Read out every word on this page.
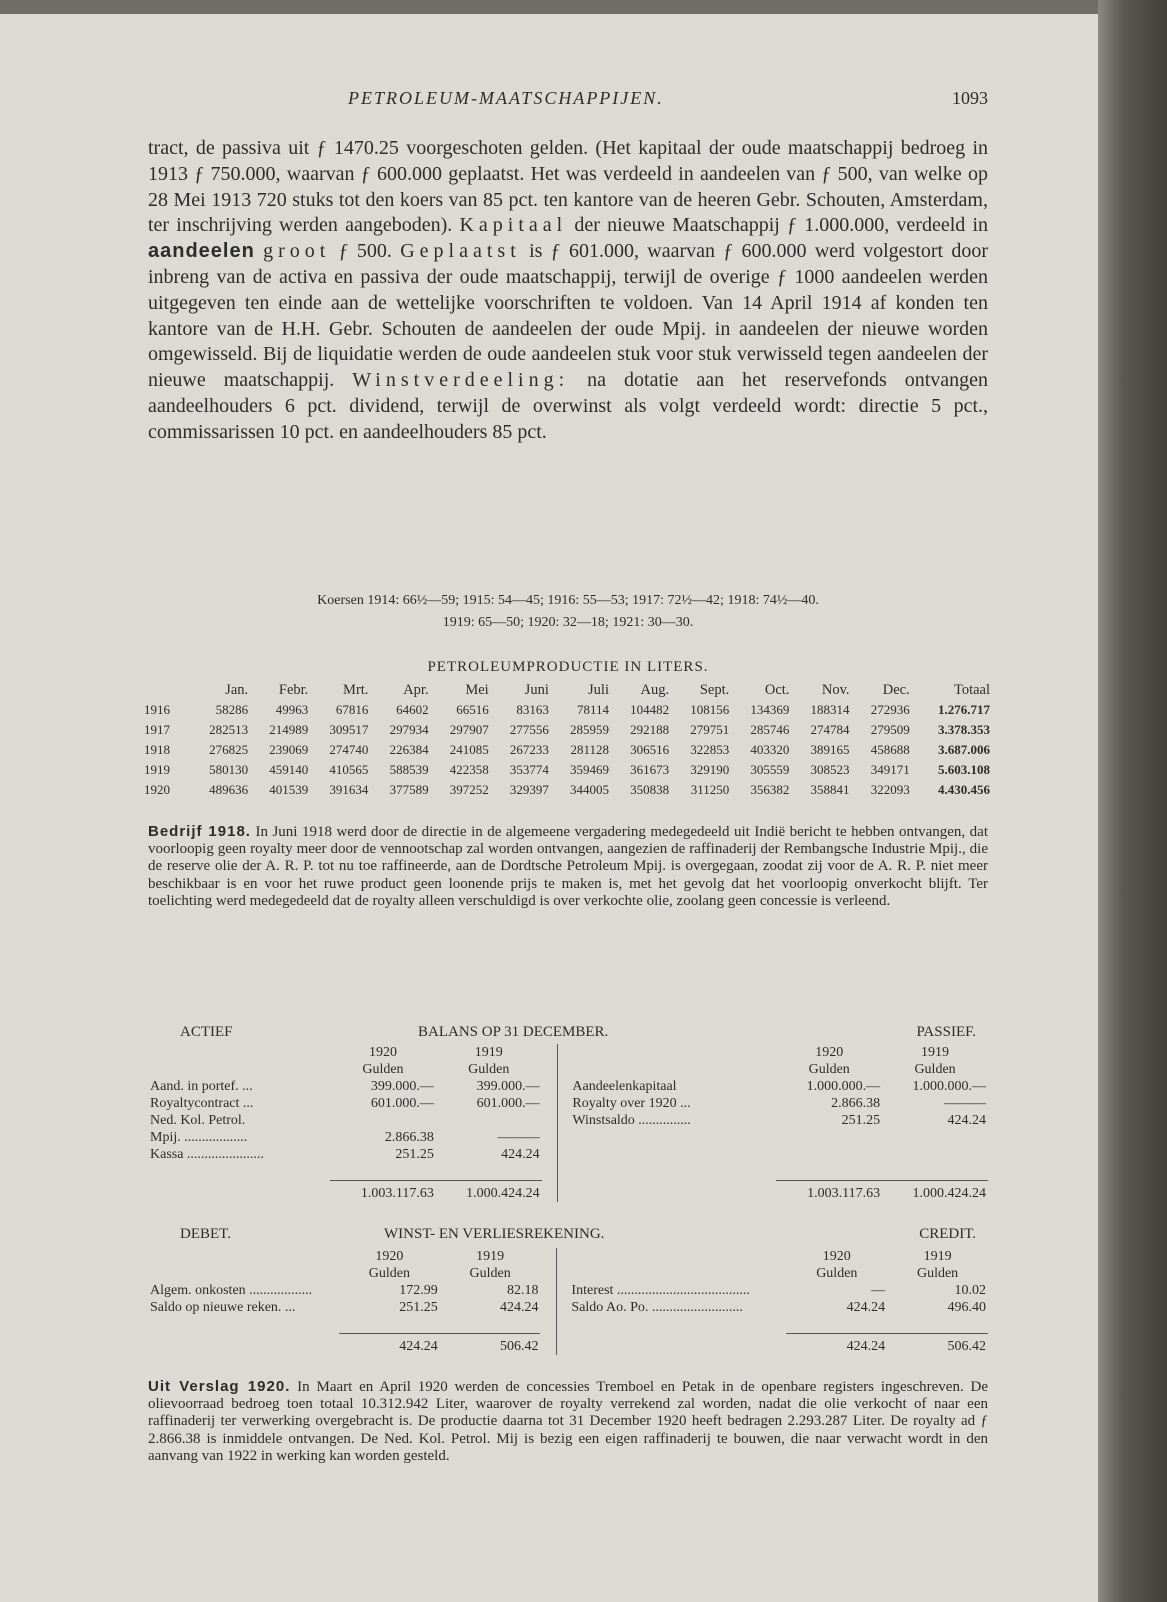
PETROLEUM-MAATSCHAPPIJEN.	1093

tract, de passiva uit ƒ 1470.25 voorgeschoten gelden. (Het kapitaal der oude maatschappij bedroeg in 1913 ƒ 750.000, waarvan ƒ 600.000 geplaatst. Het was verdeeld in aandeelen van ƒ 500, van welke op 28 Mei 1913 720 stuks tot den koers van 85 pct. ten kantore van de heeren Gebr. Schouten, Amsterdam, ter inschrijving werden aangeboden). Kapitaal der nieuwe Maatschappij ƒ 1.000.000, verdeeld in aandeelen groot ƒ 500. Geplaatst is ƒ 601.000, waarvan ƒ 600.000 werd volgestort door inbreng van de activa en passiva der oude maatschappij, terwijl de overige ƒ 1000 aandeelen werden uitgegeven ten einde aan de wettelijke voorschriften te voldoen. Van 14 April 1914 af konden ten kantore van de H.H. Gebr. Schouten de aandeelen der oude Mpij. in aandeelen der nieuwe worden omgewisseld. Bij de liquidatie werden de oude aandeelen stuk voor stuk verwisseld tegen aandeelen der nieuwe maatschappij. Winstverdeeling: na dotatie aan het reservefonds ontvangen aandeelhouders 6 pct. dividend, terwijl de overwinst als volgt verdeeld wordt: directie 5 pct., commissarissen 10 pct. en aandeelhouders 85 pct.

Koersen 1914: 66½—59; 1915: 54—45; 1916: 55—53; 1917: 72½—42; 1918: 74½—40.
1919: 65—50; 1920: 32—18; 1921: 30—30.
PETROLEUMPRODUCTIE IN LITERS.
	Jan.	Febr.	Mrt.	Apr.	Mei	Juni	Juli	Aug.	Sept.	Oct.	Nov.	Dec.	Totaal
1916	58286	49963	67816	64602	66516	83163	78114	104482	108156	134369	188314	272936	1.276.717
1917	282513	214989	309517	297934	297907	277556	285959	292188	279751	285746	274784	279509	3.378.353
1918	276825	239069	274740	226384	241085	267233	281128	306516	322853	403320	389165	458688	3.687.006
1919	580130	459140	410565	588539	422358	353774	359469	361673	329190	305559	308523	349171	5.603.108
1920	489636	401539	391634	377589	397252	329397	344005	350838	311250	356382	358841	322093	4.430.456

Bedrijf 1918. In Juni 1918 werd door de directie in de algemeene vergadering medegedeeld uit Indië bericht te hebben ontvangen, dat voorloopig geen royalty meer door de vennootschap zal worden ontvangen, aangezien de raffinaderij der Rembangsche Industrie Mpij., die de reserve olie der A. R. P. tot nu toe raffineerde, aan de Dordtsche Petroleum Mpij. is overgegaan, zoodat zij voor de A. R. P. niet meer beschikbaar is en voor het ruwe product geen loonende prijs te maken is, met het gevolg dat het voorloopig onverkocht blijft. Ter toelichting werd medegedeeld dat de royalty alleen verschuldigd is over verkochte olie, zoolang geen concessie is verleend.

ACTIEF	BALANS OP 31 DECEMBER.	PASSIEF.
	1920	1919				1920	1919
	Gulden	Gulden				Gulden	Gulden
Aand. in portef. ...	399.000.—	399.000.—			Aandeelenkapitaal	1.000.000.—	1.000.000.—
Royaltycontract ...	601.000.—	601.000.—			Royalty over 1920 ...	2.866.38	———
Ned. Kol. Petrol.					Winstsaldo ...............	251.25	424.24
Mpij. ..................	2.866.38	———					
Kassa ......................	251.25	424.24					

	1.003.117.63	1.000.424.24				1.003.117.63	1.000.424.24
DEBET.	WINST- EN VERLIESREKENING.	CREDIT.
	1920	1919				1920	1919
	Gulden	Gulden				Gulden	Gulden
Algem. onkosten ..................	172.99	82.18			Interest ......................................	—	10.02
Saldo op nieuwe reken. ...	251.25	424.24			Saldo Ao. Po. ..........................	424.24	496.40

	424.24	506.42				424.24	506.42

Uit Verslag 1920. In Maart en April 1920 werden de concessies Tremboel en Petak in de openbare registers ingeschreven. De olievoorraad bedroeg toen totaal 10.312.942 Liter, waarover de royalty verrekend zal worden, nadat die olie verkocht of naar een raffinaderij ter verwerking overgebracht is. De productie daarna tot 31 December 1920 heeft bedragen 2.293.287 Liter. De royalty ad ƒ 2.866.38 is inmiddele ontvangen. De Ned. Kol. Petrol. Mij is bezig een eigen raffinaderij te bouwen, die naar verwacht wordt in den aanvang van 1922 in werking kan worden gesteld.
